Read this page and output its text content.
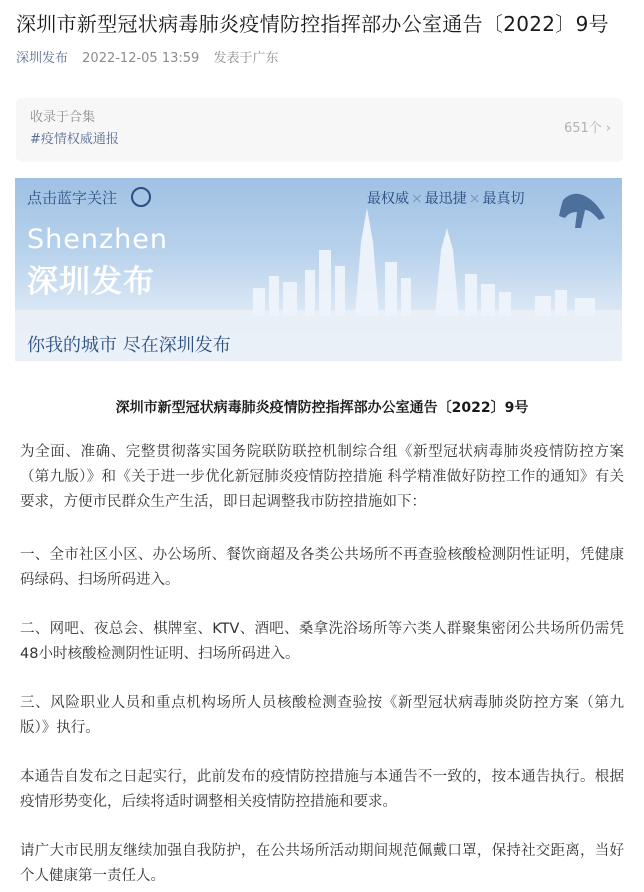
深圳市新型冠状病毒肺炎疫情防控指挥部办公室通告〔2022〕9号
深圳发布 2022-12-05 13:59 发表于广东
收录于合集
#疫情权威通报
651个 ›
点击蓝字关注	最权威 × 最迅捷 × 最真切
Shenzhen
深圳发布
你我的城市 尽在深圳发布
深圳市新型冠状病毒肺炎疫情防控指挥部办公室通告〔2022〕9号

为全面、准确、完整贯彻落实国务院联防联控机制综合组《新型冠状病毒肺炎疫情防控方案（第九版）》和《关于进一步优化新冠肺炎疫情防控措施 科学精准做好防控工作的通知》有关要求，方便市民群众生产生活，即日起调整我市防控措施如下：

一、全市社区小区、办公场所、餐饮商超及各类公共场所不再查验核酸检测阴性证明，凭健康码绿码、扫场所码进入。

二、网吧、夜总会、棋牌室、KTV、酒吧、桑拿洗浴场所等六类人群聚集密闭公共场所仍需凭48小时核酸检测阴性证明、扫场所码进入。

三、风险职业人员和重点机构场所人员核酸检测查验按《新型冠状病毒肺炎防控方案（第九版）》执行。

本通告自发布之日起实行，此前发布的疫情防控措施与本通告不一致的，按本通告执行。根据疫情形势变化，后续将适时调整相关疫情防控措施和要求。

请广大市民朋友继续加强自我防护，在公共场所活动期间规范佩戴口罩，保持社交距离，当好个人健康第一责任人。
